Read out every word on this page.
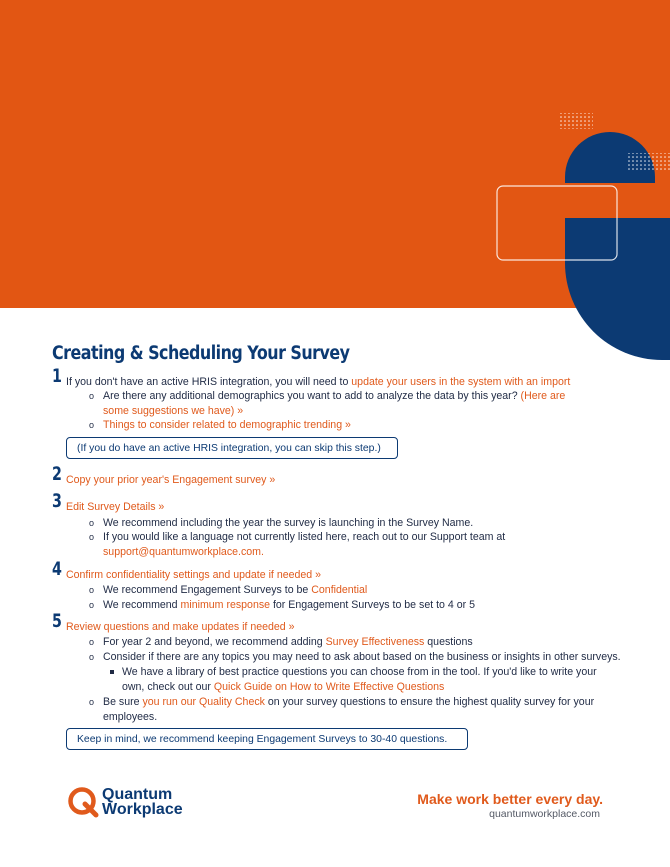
Creating & Scheduling Your Survey
1 If you don't have an active HRIS integration, you will need to update your users in the system with an import
o Are there any additional demographics you want to add to analyze the data by this year? (Here are
some suggestions we have) »
o Things to consider related to demographic trending »
(If you do have an active HRIS integration, you can skip this step.)
2 Copy your prior year's Engagement survey »
3 Edit Survey Details »
o We recommend including the year the survey is launching in the Survey Name.
o If you would like a language not currently listed here, reach out to our Support team at
support@quantumworkplace.com.
4 Confirm confidentiality settings and update if needed »
o We recommend Engagement Surveys to be Confidential
o We recommend minimum response for Engagement Surveys to be set to 4 or 5
5 Review questions and make updates if needed »
o For year 2 and beyond, we recommend adding Survey Effectiveness questions
o Consider if there are any topics you may need to ask about based on the business or insights in other surveys.
We have a library of best practice questions you can choose from in the tool. If you'd like to write your
own, check out our Quick Guide on How to Write Effective Questions
o Be sure you run our Quality Check on your survey questions to ensure the highest quality survey for your
employees.
Keep in mind, we recommend keeping Engagement Surveys to 30-40 questions.
Quantum
Workplace
Make work better every day.
quantumworkplace.com
